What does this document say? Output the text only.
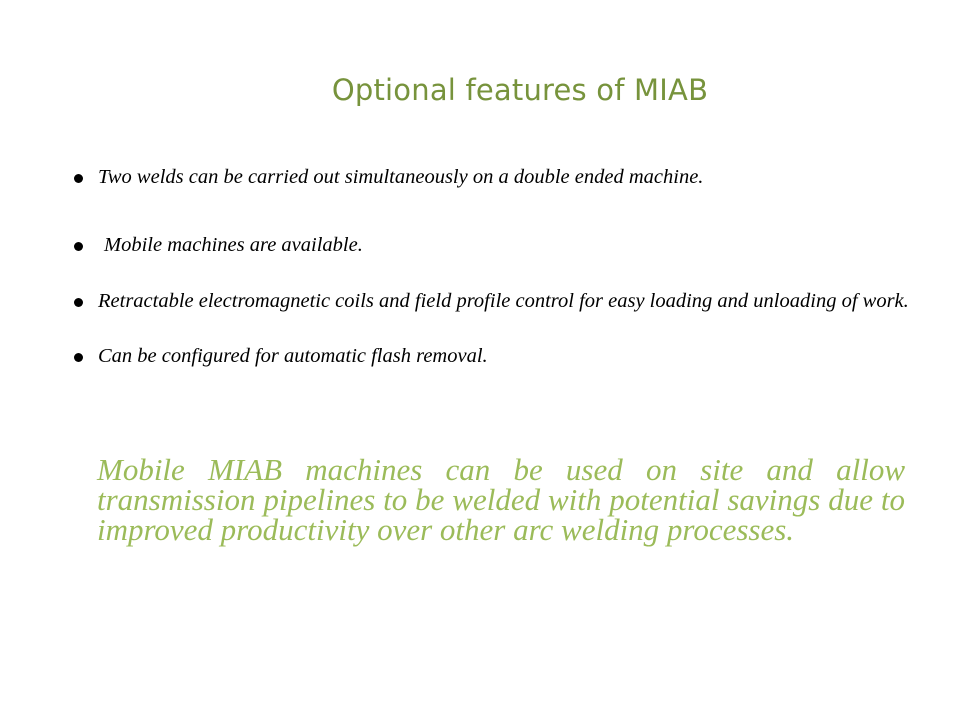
Optional features of MIAB
Two welds can be carried out simultaneously on a double ended machine.
Mobile machines are available.
Retractable electromagnetic coils and field profile control for easy loading and unloading of work.
Can be configured for automatic flash removal.

Mobile MIAB machines can be used on site and allow transmission pipelines to be welded with potential savings due to improved productivity over other arc welding processes.
